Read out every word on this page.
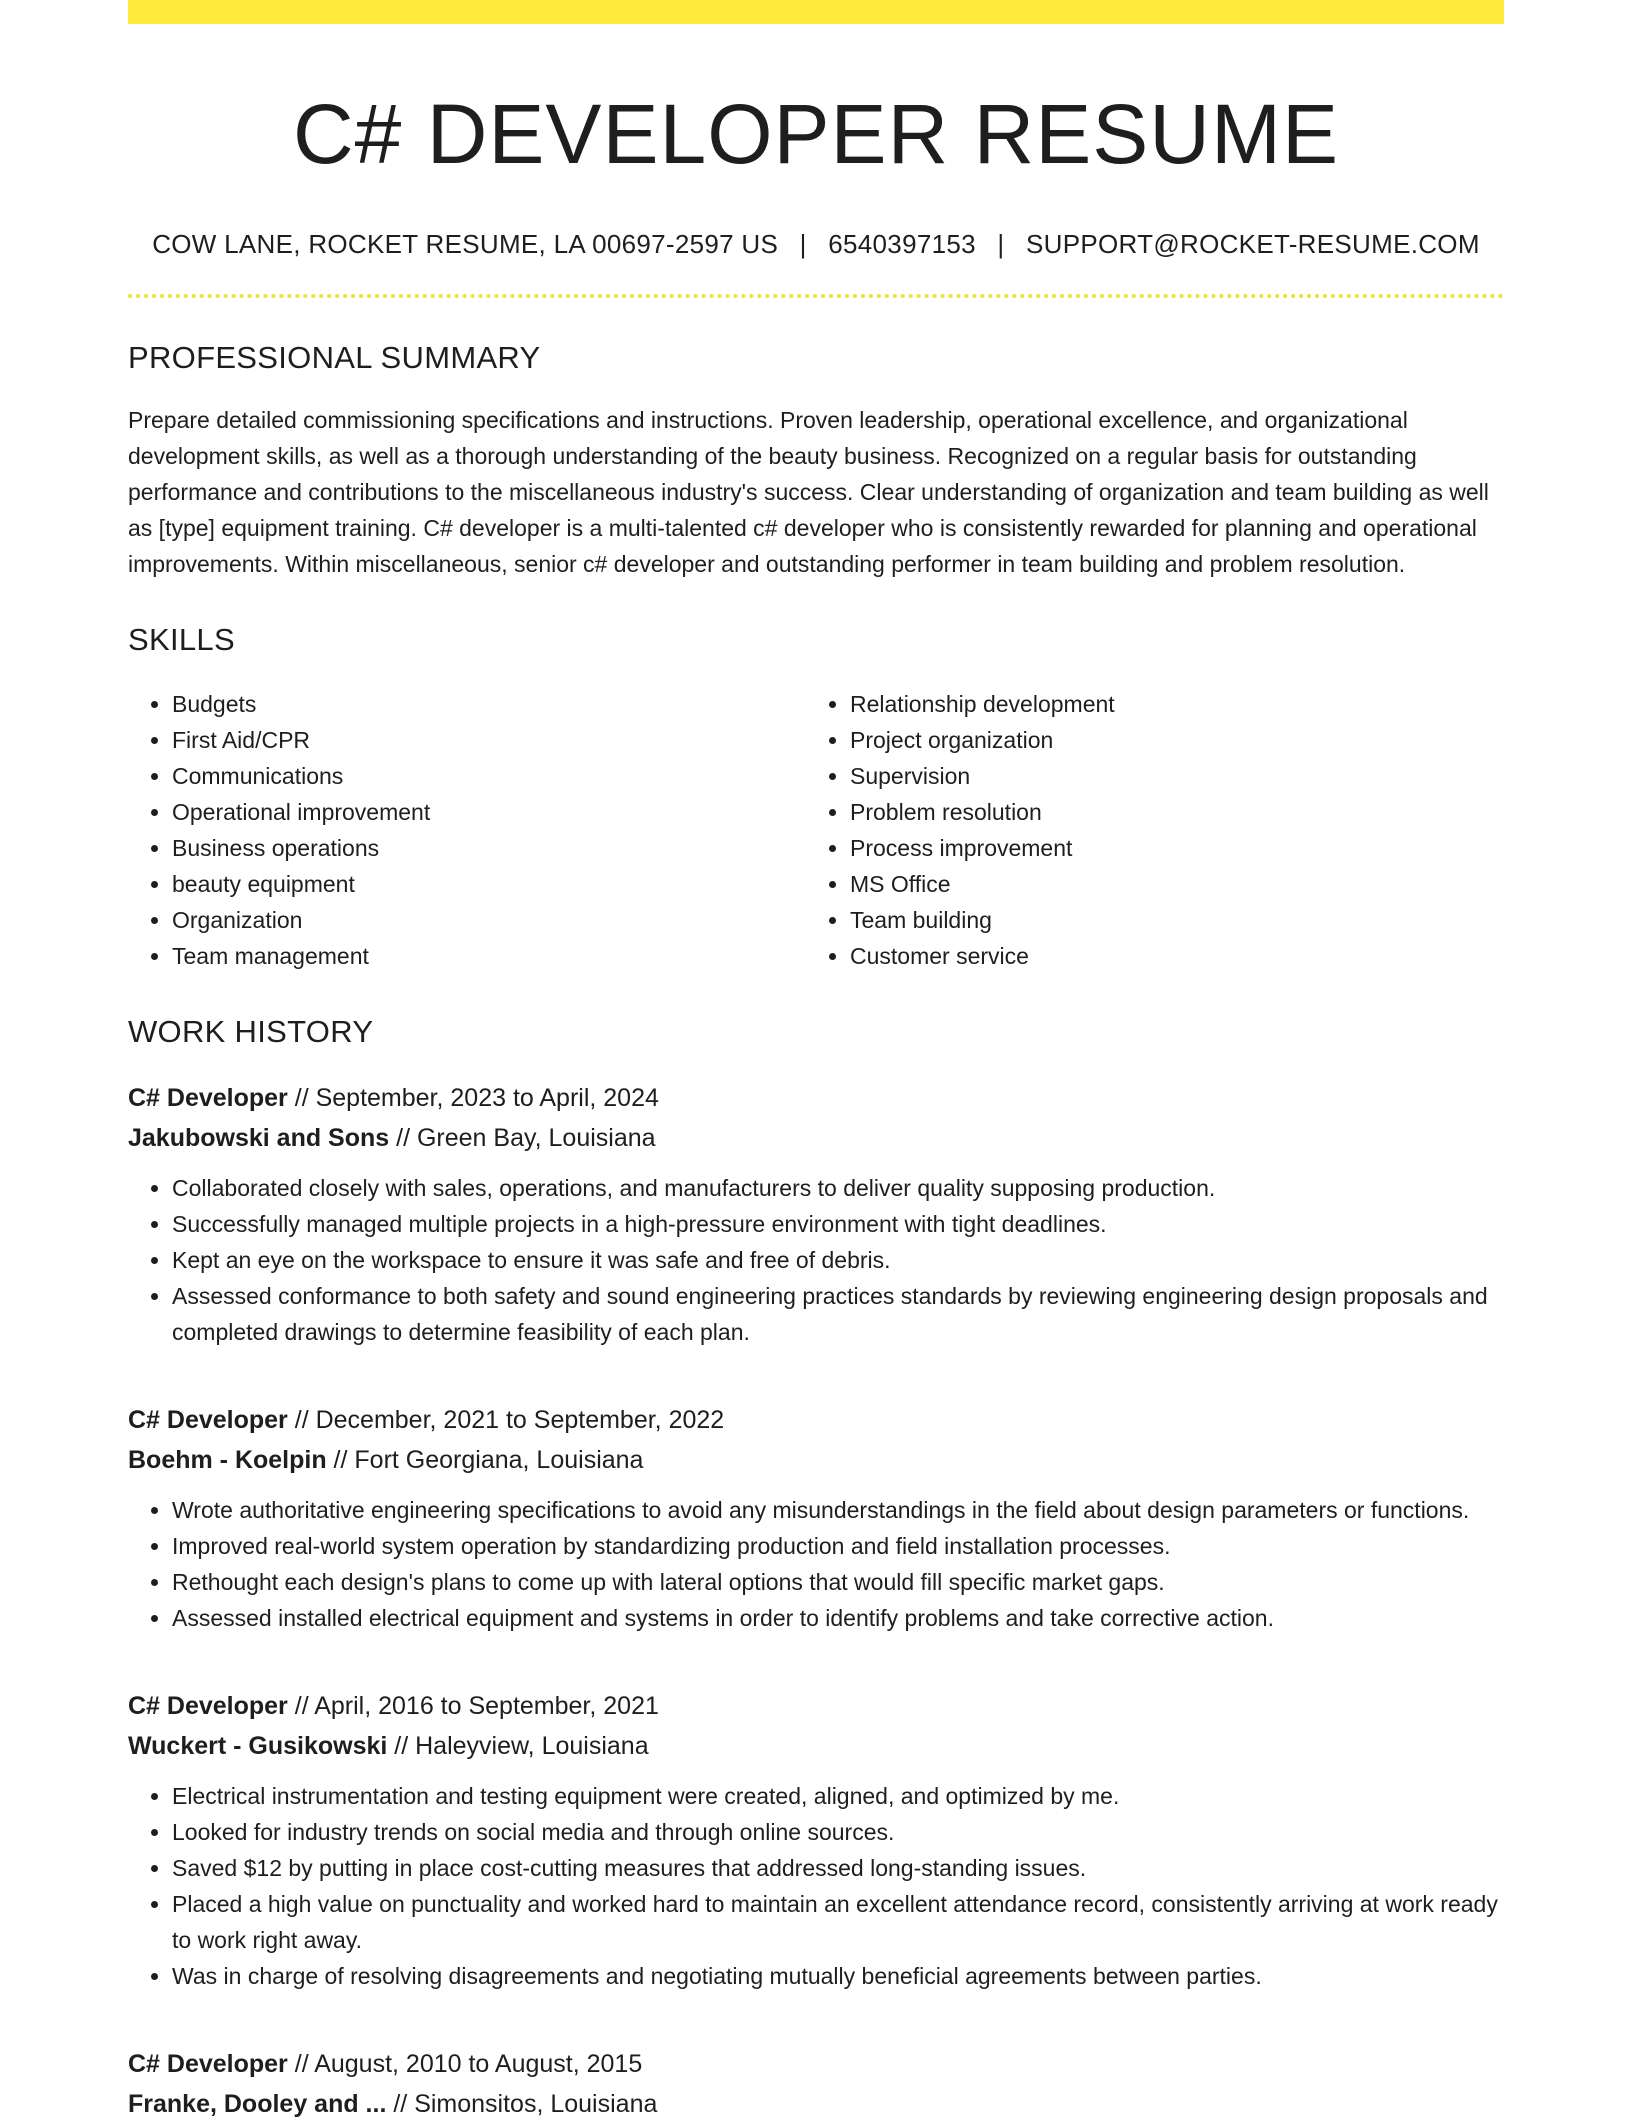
C# DEVELOPER RESUME
COW LANE, ROCKET RESUME, LA 00697-2597 US | 6540397153 | SUPPORT@ROCKET-RESUME.COM
PROFESSIONAL SUMMARY

Prepare detailed commissioning specifications and instructions. Proven leadership, operational excellence, and organizational development skills, as well as a thorough understanding of the beauty business. Recognized on a regular basis for outstanding performance and contributions to the miscellaneous industry's success. Clear understanding of organization and team building as well as [type] equipment training. C# developer is a multi-talented c# developer who is consistently rewarded for planning and operational improvements. Within miscellaneous, senior c# developer and outstanding performer in team building and problem resolution.

SKILLS
• Budgets
• First Aid/CPR
• Communications
• Operational improvement
• Business operations
• beauty equipment
• Organization
• Team management
• Relationship development
• Project organization
• Supervision
• Problem resolution
• Process improvement
• MS Office
• Team building
• Customer service
WORK HISTORY
C# Developer // September, 2023 to April, 2024
Jakubowski and Sons // Green Bay, Louisiana
• Collaborated closely with sales, operations, and manufacturers to deliver quality supposing production.
• Successfully managed multiple projects in a high-pressure environment with tight deadlines.
• Kept an eye on the workspace to ensure it was safe and free of debris.
• Assessed conformance to both safety and sound engineering practices standards by reviewing engineering design proposals and completed drawings to determine feasibility of each plan.
C# Developer // December, 2021 to September, 2022
Boehm - Koelpin // Fort Georgiana, Louisiana
• Wrote authoritative engineering specifications to avoid any misunderstandings in the field about design parameters or functions.
• Improved real-world system operation by standardizing production and field installation processes.
• Rethought each design's plans to come up with lateral options that would fill specific market gaps.
• Assessed installed electrical equipment and systems in order to identify problems and take corrective action.
C# Developer // April, 2016 to September, 2021
Wuckert - Gusikowski // Haleyview, Louisiana
• Electrical instrumentation and testing equipment were created, aligned, and optimized by me.
• Looked for industry trends on social media and through online sources.
• Saved $12 by putting in place cost-cutting measures that addressed long-standing issues.
• Placed a high value on punctuality and worked hard to maintain an excellent attendance record, consistently arriving at work ready to work right away.
• Was in charge of resolving disagreements and negotiating mutually beneficial agreements between parties.
C# Developer // August, 2010 to August, 2015
Franke, Dooley and ... // Simonsitos, Louisiana
